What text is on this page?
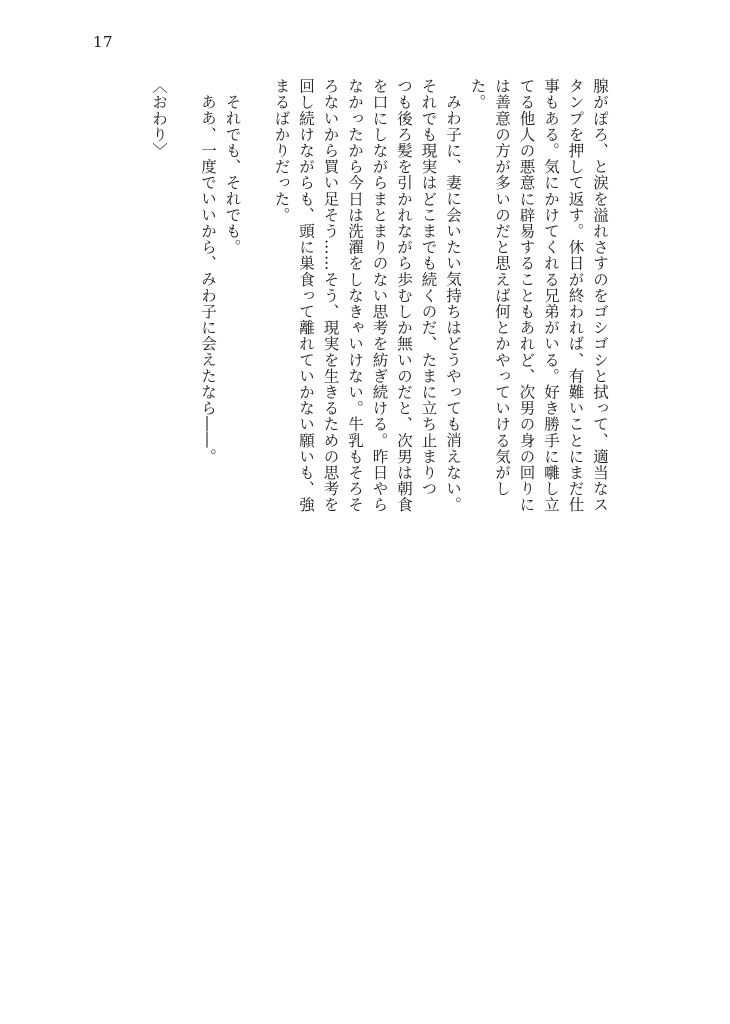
17
腺がぽろ、と涙を溢れさすのをゴシゴシと拭って、適当なス
タンプを押して返す。休日が終われば、有難いことにまだ仕
事もある。気にかけてくれる兄弟がいる。好き勝手に囃し立
てる他人の悪意に辟易することもあれど、次男の身の回りに
は善意の方が多いのだと思えば何とかやっていける気がし
た。
みわ子に、妻に会いたい気持ちはどうやっても消えない。
それでも現実はどこまでも続くのだ、たまに立ち止まりつ
つも後ろ髪を引かれながら歩むしか無いのだと、次男は朝食
を口にしながらまとまりのない思考を紡ぎ続ける。昨日やら
なかったから今日は洗濯をしなきゃいけない。牛乳もそろそ
ろないから買い足そう……そう、現実を生きるための思考を
回し続けながらも、頭に巣食って離れていかない願いも、強
まるばかりだった。
それでも、それでも。
ああ、一度でいいから、みわ子に会えたなら――。
〈おわり〉
